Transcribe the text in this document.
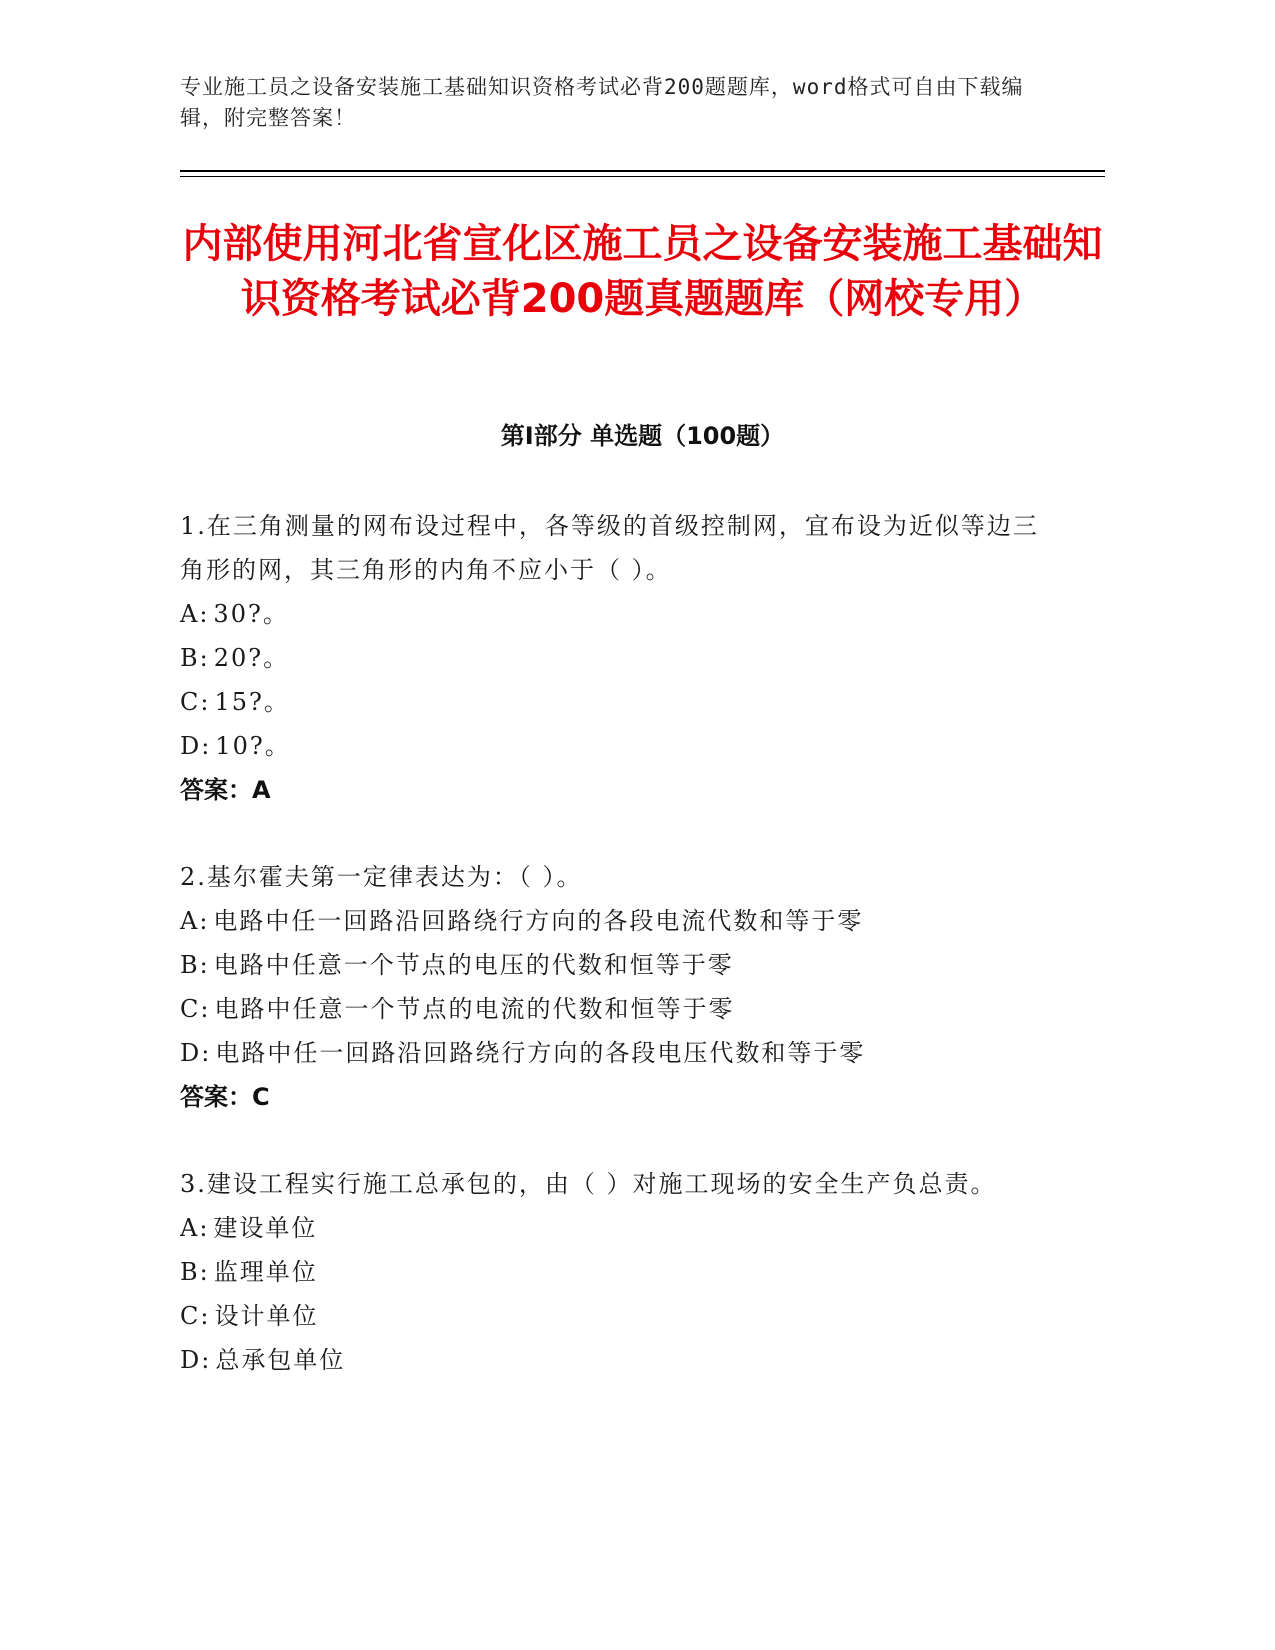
专业施工员之设备安装施工基础知识资格考试必背200题题库，word格式可自由下载编辑，附完整答案！
内部使用河北省宣化区施工员之设备安装施工基础知识资格考试必背200题真题题库（网校专用）
第Ⅰ部分 单选题（100题）
1.在三角测量的网布设过程中，各等级的首级控制网，宜布设为近似等边三角形的网，其三角形的内角不应小于（ ）。
A: 30?。
B: 20?。
C: 15?。
D: 10?。
答案：A
2.基尔霍夫第一定律表达为：（ ）。
A: 电路中任一回路沿回路绕行方向的各段电流代数和等于零
B: 电路中任意一个节点的电压的代数和恒等于零
C: 电路中任意一个节点的电流的代数和恒等于零
D: 电路中任一回路沿回路绕行方向的各段电压代数和等于零
答案：C
3.建设工程实行施工总承包的，由（ ）对施工现场的安全生产负总责。
A: 建设单位
B: 监理单位
C: 设计单位
D: 总承包单位
